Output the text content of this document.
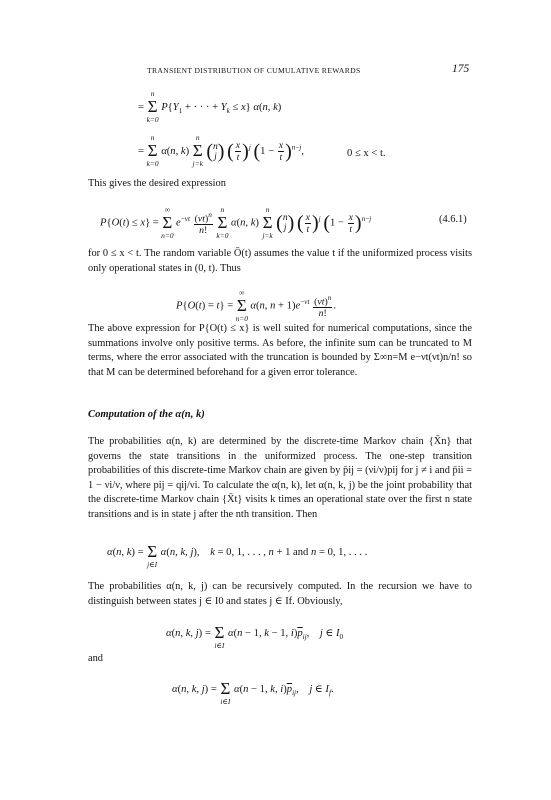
TRANSIENT DISTRIBUTION OF CUMULATIVE REWARDS	175
= Σ
n
k=0
$P\{Y_1$ + · · · + $Y_k \le x$} α(n, k)
= Σ
n
k=0
α(n, k) Σ
n
j=k
(n
j) ( $\frac{x}{t} )^j$ $(1 - \frac{x}{t} )^{n-j}$,	0 ≤ x < t.
This gives the desired expression
P{O(t) ≤ x} = Σ
∞
n=0
$e^{-\nu t} \frac{(\nu t)^n}{n!}$ Σ
n
k=0
α(n, k) Σ
n
j=k
(n
j) ( $\frac{x}{t} )^j$ $(1 - \frac{x}{t} )^{n-j}$	(4.6.1)
for 0 ≤ x < t. The random variable Ō(t) assumes the value t if the uniformized process visits only operational states in (0, t). Thus
P{O(t) = t} = Σ
∞
n=0
α(n, $n + 1)e^{-\nu t} \frac{(\nu t)^n}{n!}$ .
The above expression for P{O(t) ≤ x} is well suited for numerical computations, since the summations involve only positive terms. As before, the infinite sum can be truncated to M terms, where the error associated with the truncation is bounded by Σ∞n=M e−νt(νt)n/n! so that M can be determined beforehand for a given error tolerance.
Computation of the α(n, k)
The probabilities α(n, k) are determined by the discrete-time Markov chain {X̄n} that governs the state transitions in the uniformized process. The one-step transition probabilities of this discrete-time Markov chain are given by p̄ij = (νi/ν)pij for j ≠ i and p̄ii = 1 − νi/ν, where pij = qij/νi. To calculate the α(n, k), let α(n, k, j) be the joint probability that the discrete-time Markov chain {X̄t} visits k times an operational state over the first n state transitions and is in state j after the nth transition. Then
α(n, k) = Σ
j∈I
α(n, k, j),    k = 0, 1, . . . , n + 1 and n = 0, 1, . . . .
The probabilities α(n, k, j) can be recursively computed. In the recursion we have to distinguish between states j ∈ I0 and states j ∈ If. Obviously,
α(n, k, j) = Σ
i∈I
α(n − 1, k − 1, $i)\overline{p}_{ij}$,    j ∈ $I_0$
and
α(n, k, j) = Σ
i∈I
α(n − 1, k, $i)\overline{p}_{ij}$,    j ∈ $I_f$.
